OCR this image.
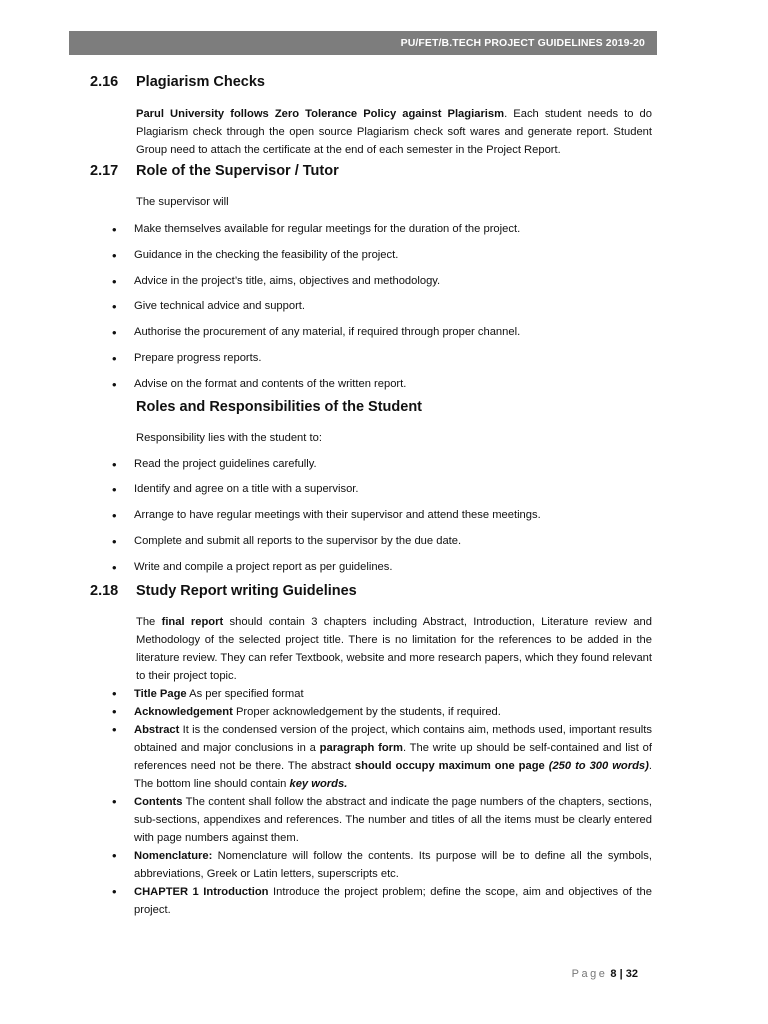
PU/FET/B.TECH PROJECT GUIDELINES 2019-20
2.16	Plagiarism Checks

Parul University follows Zero Tolerance Policy against Plagiarism. Each student needs to do Plagiarism check through the open source Plagiarism check soft wares and generate report. Student Group need to attach the certificate at the end of each semester in the Project Report.

2.17	Role of the Supervisor / Tutor

The supervisor will

• Make themselves available for regular meetings for the duration of the project.
• Guidance in the checking the feasibility of the project.
• Advice in the project’s title, aims, objectives and methodology.
• Give technical advice and support.
• Authorise the procurement of any material, if required through proper channel.
• Prepare progress reports.
• Advise on the format and contents of the written report.
Roles and Responsibilities of the Student

Responsibility lies with the student to:

• Read the project guidelines carefully.
• Identify and agree on a title with a supervisor.
• Arrange to have regular meetings with their supervisor and attend these meetings.
• Complete and submit all reports to the supervisor by the due date.
• Write and compile a project report as per guidelines.
2.18	Study Report writing Guidelines

The final report should contain 3 chapters including Abstract, Introduction, Literature review and Methodology of the selected project title. There is no limitation for the references to be added in the literature review. They can refer Textbook, website and more research papers, which they found relevant to their project topic.

• Title Page As per specified format
• Acknowledgement Proper acknowledgement by the students, if required.
• Abstract It is the condensed version of the project, which contains aim, methods used, important results obtained and major conclusions in a paragraph form. The write up should be self-contained and list of references need not be there. The abstract should occupy maximum one page (250 to 300 words). The bottom line should contain key words.
• Contents The content shall follow the abstract and indicate the page numbers of the chapters, sections, sub-sections, appendixes and references. The number and titles of all the items must be clearly entered with page numbers against them.
• Nomenclature: Nomenclature will follow the contents. Its purpose will be to define all the symbols, abbreviations, Greek or Latin letters, superscripts etc.
• CHAPTER 1 Introduction Introduce the project problem; define the scope, aim and objectives of the project.
Page 8 | 32
